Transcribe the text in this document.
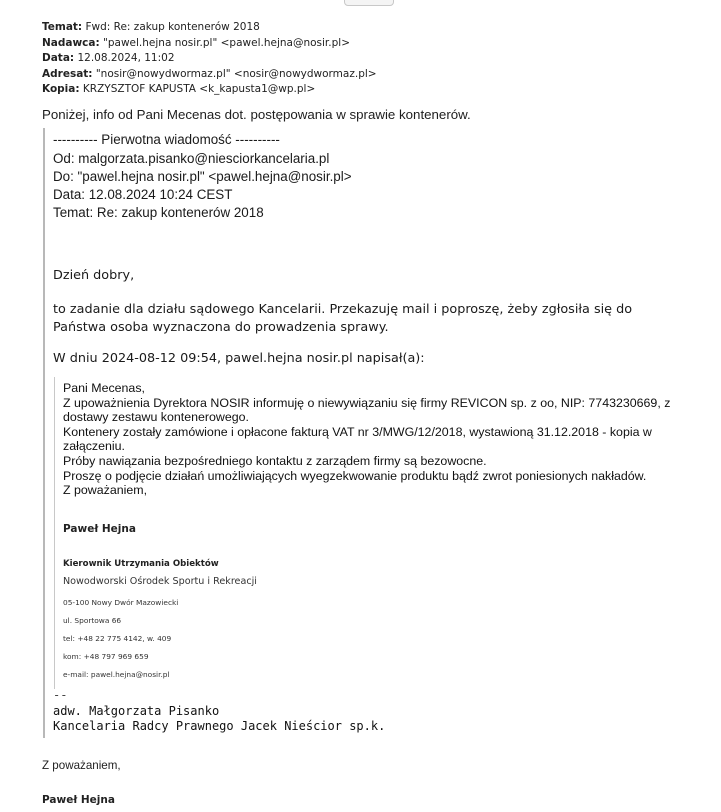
Temat: Fwd: Re: zakup kontenerów 2018
Nadawca: "pawel.hejna nosir.pl" <pawel.hejna@nosir.pl>
Data: 12.08.2024, 11:02
Adresat: "nosir@nowydwormaz.pl" <nosir@nowydwormaz.pl>
Kopia: KRZYSZTOF KAPUSTA <k_kapusta1@wp.pl>
Poniżej, info od Pani Mecenas dot. postępowania w sprawie kontenerów.
---------- Pierwotna wiadomość ----------
Od: malgorzata.pisanko@niesciorkancelaria.pl
Do: "pawel.hejna nosir.pl" <pawel.hejna@nosir.pl>
Data: 12.08.2024 10:24 CEST
Temat: Re: zakup kontenerów 2018
Dzień dobry,
to zadanie dla działu sądowego Kancelarii. Przekazuję mail i poproszę, żeby zgłosiła się do Państwa osoba wyznaczona do prowadzenia sprawy.
W dniu 2024-08-12 09:54, pawel.hejna nosir.pl napisał(a):

Pani Mecenas,

Z upoważnienia Dyrektora NOSIR informuję o niewywiązaniu się firmy REVICON sp. z oo, NIP: 7743230669, z dostawy zestawu kontenerowego.

Kontenery zostały zamówione i opłacone fakturą VAT nr 3/MWG/12/2018, wystawioną 31.12.2018 - kopia w załączeniu.

Próby nawiązania bezpośredniego kontaktu z zarządem firmy są bezowocne.

Proszę o podjęcie działań umożliwiających wyegzekwowanie produktu bądź zwrot poniesionych nakładów.

Z poważaniem,

Paweł Hejna
Kierownik Utrzymania Obiektów
Nowodworski Ośrodek Sportu i Rekreacji
05-100 Nowy Dwór Mazowiecki
ul. Sportowa 66
tel: +48 22 775 4142, w. 409
kom: +48 797 969 659
e-mail: pawel.hejna@nosir.pl
--
adw. Małgorzata Pisanko
Kancelaria Radcy Prawnego Jacek Nieścior sp.k.
Z poważaniem,
Paweł Hejna
